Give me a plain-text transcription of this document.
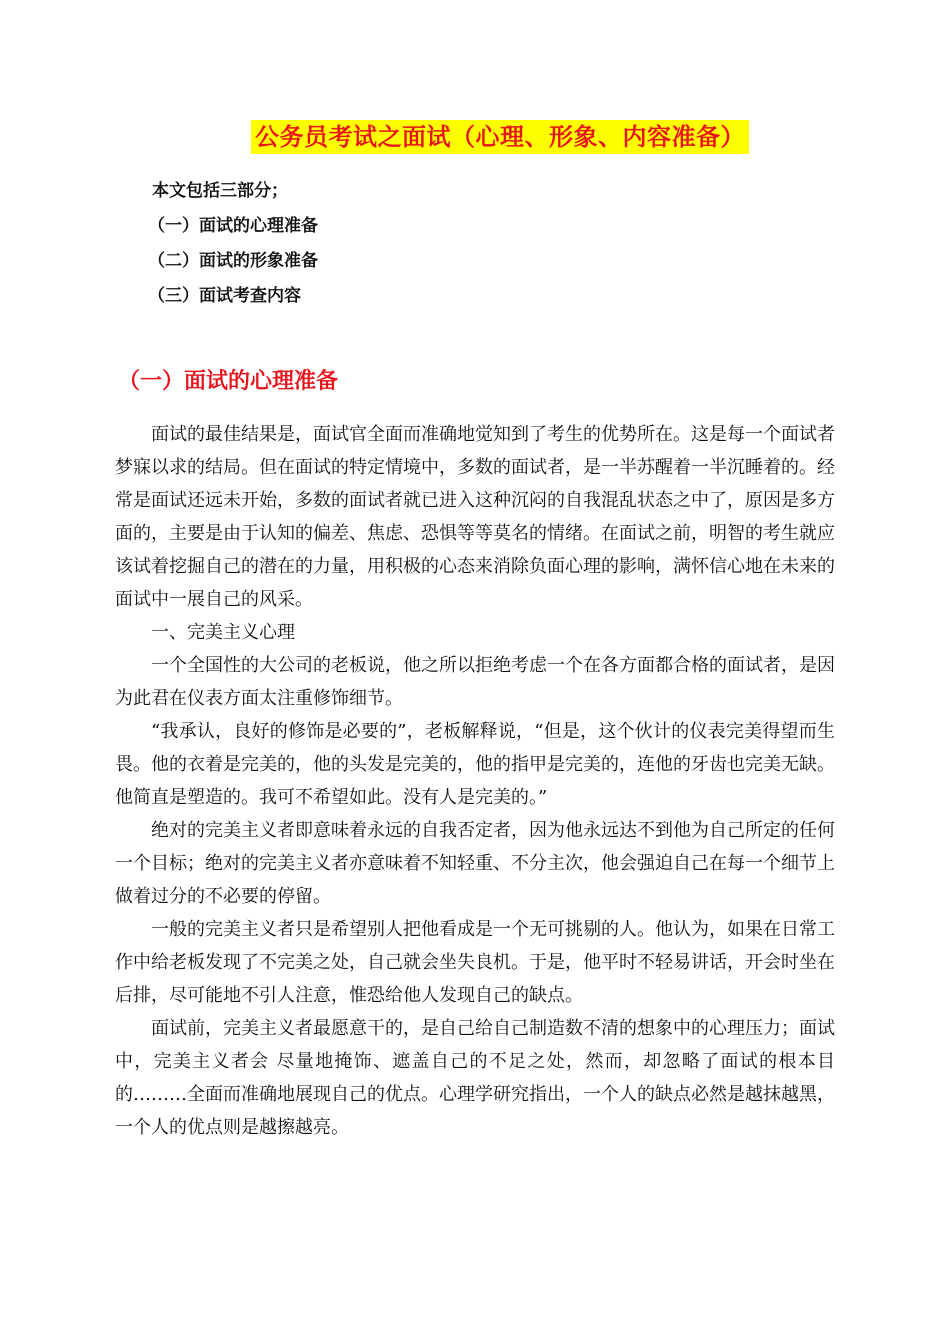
公务员考试之面试（心理、形象、内容准备）
本文包括三部分；
（一）面试的心理准备
（二）面试的形象准备
（三）面试考查内容
（一）面试的心理准备

面试的最佳结果是，面试官全面而准确地觉知到了考生的优势所在。这是每一个面试者梦寐以求的结局。但在面试的特定情境中，多数的面试者，是一半苏醒着一半沉睡着的。经常是面试还远未开始，多数的面试者就已进入这种沉闷的自我混乱状态之中了，原因是多方面的，主要是由于认知的偏差、焦虑、恐惧等等莫名的情绪。在面试之前，明智的考生就应该试着挖掘自己的潜在的力量，用积极的心态来消除负面心理的影响，满怀信心地在未来的面试中一展自己的风采。

一、完美主义心理

一个全国性的大公司的老板说，他之所以拒绝考虑一个在各方面都合格的面试者，是因为此君在仪表方面太注重修饰细节。

“我承认，良好的修饰是必要的”，老板解释说，“但是，这个伙计的仪表完美得望而生畏。他的衣着是完美的，他的头发是完美的，他的指甲是完美的，连他的牙齿也完美无缺。他简直是塑造的。我可不希望如此。没有人是完美的。”

绝对的完美主义者即意味着永远的自我否定者，因为他永远达不到他为自己所定的任何一个目标；绝对的完美主义者亦意味着不知轻重、不分主次，他会强迫自己在每一个细节上做着过分的不必要的停留。

一般的完美主义者只是希望别人把他看成是一个无可挑剔的人。他认为，如果在日常工作中给老板发现了不完美之处，自己就会坐失良机。于是，他平时不轻易讲话，开会时坐在后排，尽可能地不引人注意，惟恐给他人发现自己的缺点。

面试前，完美主义者最愿意干的，是自己给自己制造数不清的想象中的心理压力；面试中，完美主义者会 尽量地掩饰、遮盖自己的不足之处，然而，却忽略了面试的根本目的………全面而准确地展现自己的优点。心理学研究指出，一个人的缺点必然是越抹越黑，一个人的优点则是越擦越亮。
